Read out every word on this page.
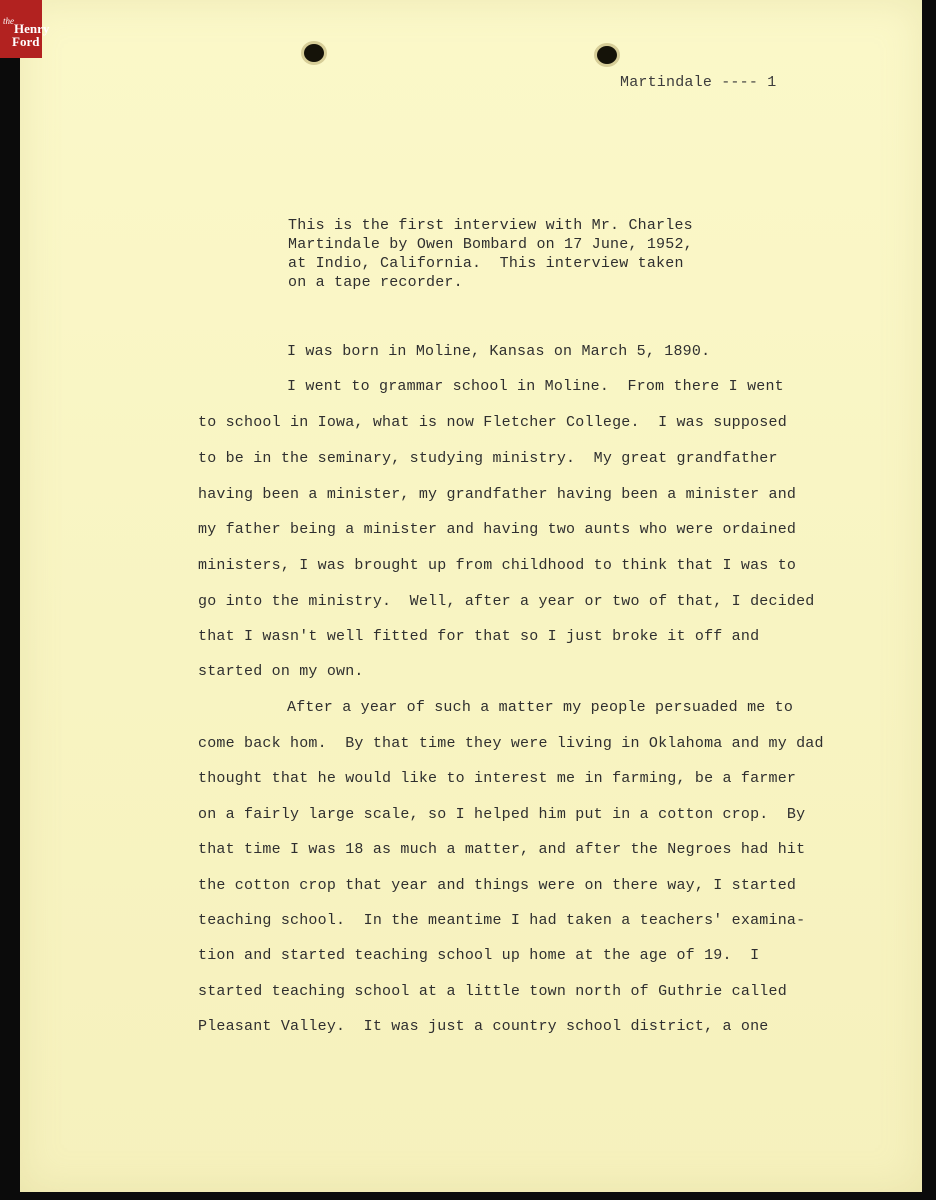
the Henry
Ford
Martindale ---- 1
This is the first interview with Mr. Charles
Martindale by Owen Bombard on 17 June, 1952,
at Indio, California.  This interview taken
on a tape recorder.
I was born in Moline, Kansas on March 5, 1890.
I went to grammar school in Moline.  From there I went
to school in Iowa, what is now Fletcher College.  I was supposed
to be in the seminary, studying ministry.  My great grandfather
having been a minister, my grandfather having been a minister and
my father being a minister and having two aunts who were ordained
ministers, I was brought up from childhood to think that I was to
go into the ministry.  Well, after a year or two of that, I decided
that I wasn't well fitted for that so I just broke it off and
started on my own.
After a year of such a matter my people persuaded me to
come back hom.  By that time they were living in Oklahoma and my dad
thought that he would like to interest me in farming, be a farmer
on a fairly large scale, so I helped him put in a cotton crop.  By
that time I was 18 as much a matter, and after the Negroes had hit
the cotton crop that year and things were on there way, I started
teaching school.  In the meantime I had taken a teachers' examina-
tion and started teaching school up home at the age of 19.  I
started teaching school at a little town north of Guthrie called
Pleasant Valley.  It was just a country school district, a one
